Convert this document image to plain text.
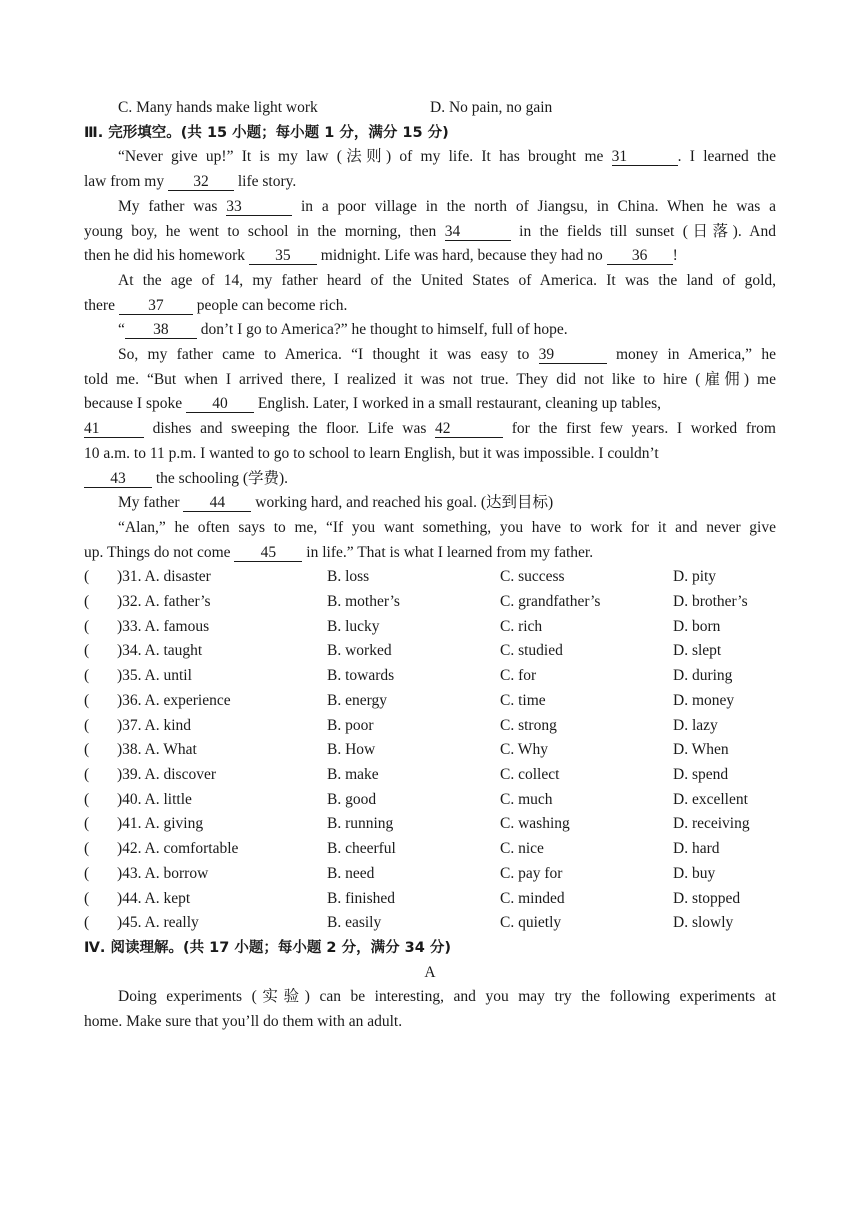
C. Many hands make light work	D. No pain, no gain
Ⅲ. 完形填空。(共 15 小题；每小题 1 分，满分 15 分)
“Never give up!” It is my law (法则) of my life. It has brought me 31	. I learned the
law from my 32 life story.
My father was 33	in a poor village in the north of Jiangsu, in China. When he was a
young boy, he went to school in the morning, then 34	in the fields till sunset (日落). And
then he did his homework 35 midnight. Life was hard, because they had no 36 !
At the age of 14, my father heard of the United States of America. It was the land of gold,
there 37 people can become rich.
“ 38 don’t I go to America?” he thought to himself, full of hope.
So, my father came to America. “I thought it was easy to 39	money in America,” he
told me. “But when I arrived there, I realized it was not true. They did not like to hire (雇佣) me
because I spoke 40 English. Later, I worked in a small restaurant, cleaning up tables,
41	dishes and sweeping the floor. Life was 42	for the first few years. I worked from
10 a.m. to 11 p.m. I wanted to go to school to learn English, but it was impossible. I couldn’t
43 the schooling (学费).
My father 44 working hard, and reached his goal. (达到目标)
“Alan,” he often says to me, “If you want something, you have to work for it and never give
up. Things do not come 45 in life.” That is what I learned from my father.
(	)31. A. disaster	B. loss	C. success	D. pity
(	)32. A. father’s	B. mother’s	C. grandfather’s	D. brother’s
(	)33. A. famous	B. lucky	C. rich	D. born
(	)34. A. taught	B. worked	C. studied	D. slept
(	)35. A. until	B. towards	C. for	D. during
(	)36. A. experience	B. energy	C. time	D. money
(	)37. A. kind	B. poor	C. strong	D. lazy
(	)38. A. What	B. How	C. Why	D. When
(	)39. A. discover	B. make	C. collect	D. spend
(	)40. A. little	B. good	C. much	D. excellent
(	)41. A. giving	B. running	C. washing	D. receiving
(	)42. A. comfortable	B. cheerful	C. nice	D. hard
(	)43. A. borrow	B. need	C. pay for	D. buy
(	)44. A. kept	B. finished	C. minded	D. stopped
(	)45. A. really	B. easily	C. quietly	D. slowly
Ⅳ. 阅读理解。(共 17 小题；每小题 2 分，满分 34 分)
A
Doing experiments (实验) can be interesting, and you may try the following experiments at
home. Make sure that you’ll do them with an adult.
